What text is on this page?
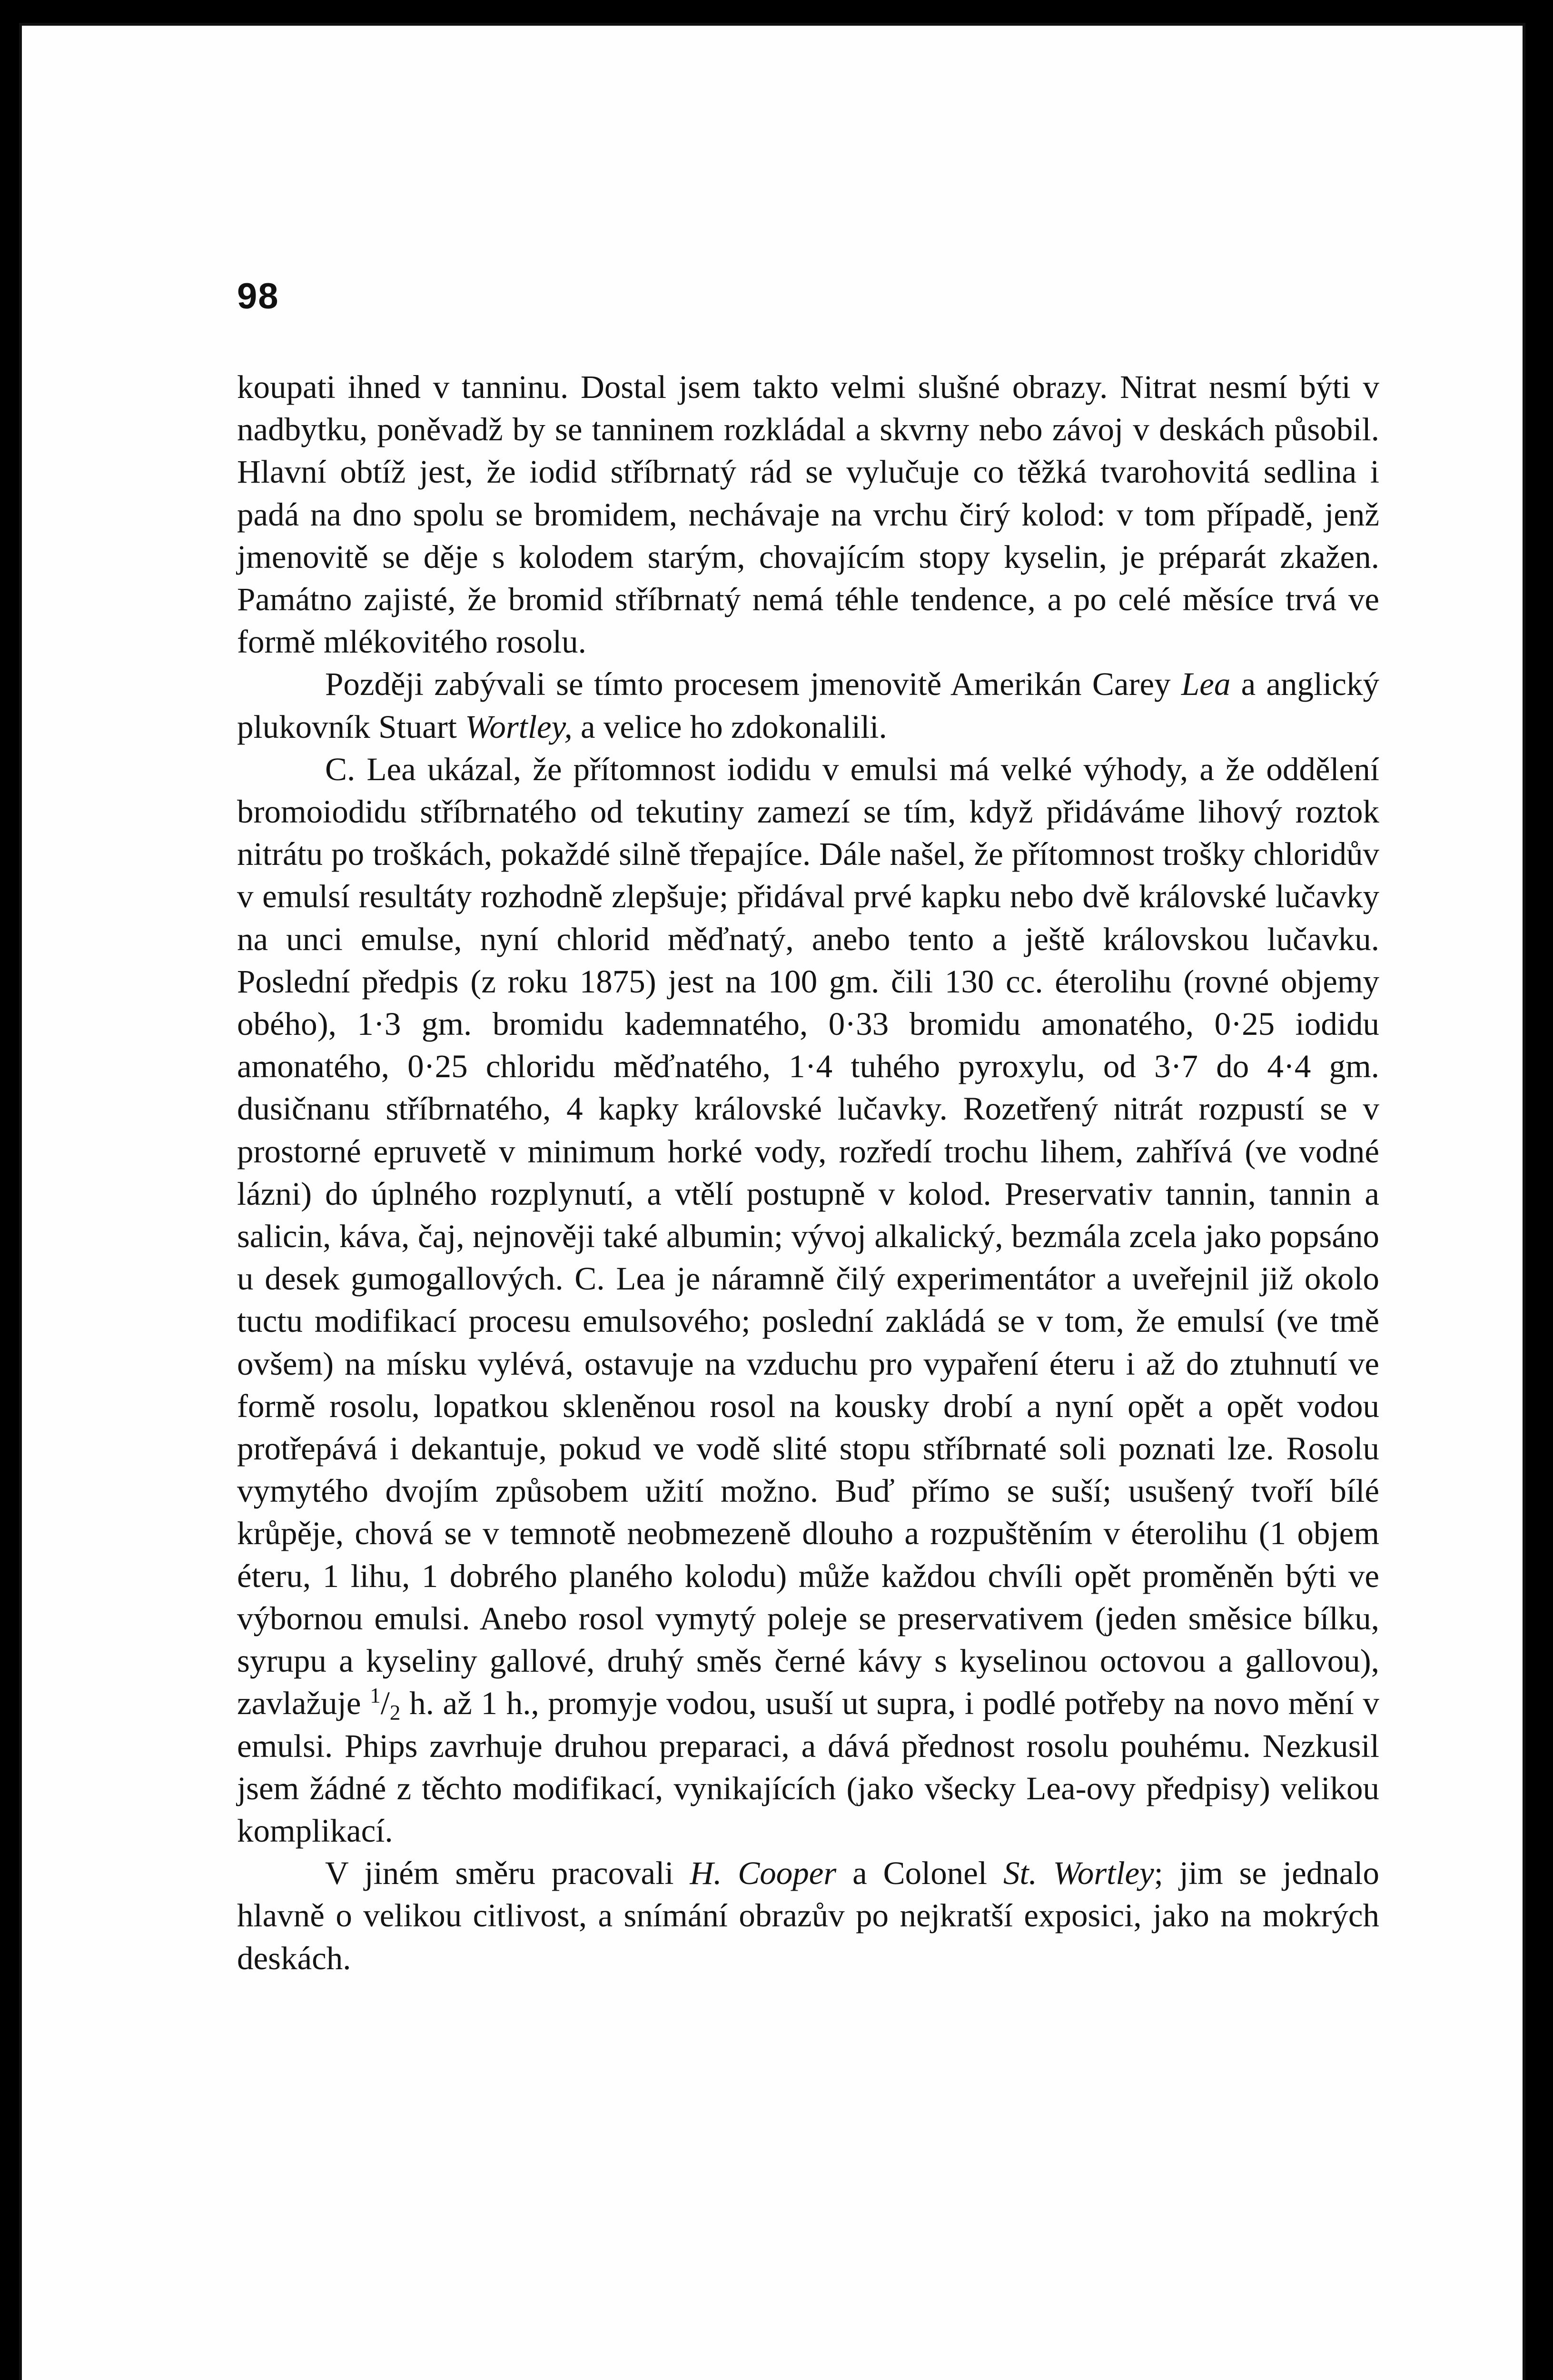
98

koupati ihned v tanninu. Dostal jsem takto velmi slušné obrazy. Nitrat nesmí býti v nadbytku, poněvadž by se tanninem rozkládal a skvrny nebo závoj v deskách působil. Hlavní obtíž jest, že iodid stříbrnatý rád se vylučuje co těžká tvarohovitá sedlina i padá na dno spolu se bromidem, nechávaje na vrchu čirý kolod: v tom případě, jenž jmenovitě se děje s kolodem starým, chovajícím stopy kyselin, je préparát zkažen. Památno zajisté, že bromid stříbrnatý nemá téhle tendence, a po celé měsíce trvá ve formě mlékovitého rosolu.

Později zabývali se tímto procesem jmenovitě Amerikán Carey Lea a anglický plukovník Stuart Wortley, a velice ho zdokonalili.

C. Lea ukázal, že přítomnost iodidu v emulsi má velké výhody, a že oddělení bromoiodidu stříbrnatého od tekutiny zamezí se tím, když přidáváme lihový roztok nitrátu po troškách, pokaždé silně třepajíce. Dále našel, že přítomnost trošky chloridův v emulsí resultáty rozhodně zlepšuje; přidával prvé kapku nebo dvě královské lučavky na unci emulse, nyní chlorid měďnatý, anebo tento a ještě královskou lučavku. Poslední předpis (z roku 1875) jest na 100 gm. čili 130 cc. éterolihu (rovné objemy obého), 1·3 gm. bromidu kademnatého, 0·33 bromidu amonatého, 0·25 iodidu amonatého, 0·25 chloridu měďnatého, 1·4 tuhého pyroxylu, od 3·7 do 4·4 gm. dusičnanu stříbrnatého, 4 kapky královské lučavky. Rozetřený nitrát rozpustí se v prostorné epruvetě v minimum horké vody, rozředí trochu lihem, zahřívá (ve vodné lázni) do úplného rozplynutí, a vtělí postupně v kolod. Preservativ tannin, tannin a salicin, káva, čaj, nejnověji také albumin; vývoj alkalický, bezmála zcela jako popsáno u desek gumogallových. C. Lea je náramně čilý experimentátor a uveřejnil již okolo tuctu modifikací procesu emulsového; poslední zakládá se v tom, že emulsí (ve tmě ovšem) na mísku vylévá, ostavuje na vzduchu pro vypaření éteru i až do ztuhnutí ve formě rosolu, lopatkou skleněnou rosol na kousky drobí a nyní opět a opět vodou protřepává i dekantuje, pokud ve vodě slité stopu stříbrnaté soli poznati lze. Rosolu vymytého dvojím způsobem užití možno. Buď přímo se suší; usušený tvoří bílé krůpěje, chová se v temnotě neobmezeně dlouho a rozpuštěním v éterolihu (1 objem éteru, 1 lihu, 1 dobrého planého kolodu) může každou chvíli opět proměněn býti ve výbornou emulsi. Anebo rosol vymytý poleje se preservativem (jeden směsice bílku, syrupu a kyseliny gallové, druhý směs černé kávy s kyselinou octovou a gallovou), zavlažuje $^1/_2$ h. až 1 h., promyje vodou, usuší ut supra, i podlé potřeby na novo mění v emulsi. Phips zavrhuje druhou preparaci, a dává přednost rosolu pouhému. Nezkusil jsem žádné z těchto modifikací, vynikajících (jako všecky Lea-ovy předpisy) velikou komplikací.

V jiném směru pracovali H. Cooper a Colonel St. Wortley; jim se jednalo hlavně o velikou citlivost, a snímání obrazův po nejkratší exposici, jako na mokrých deskách.
